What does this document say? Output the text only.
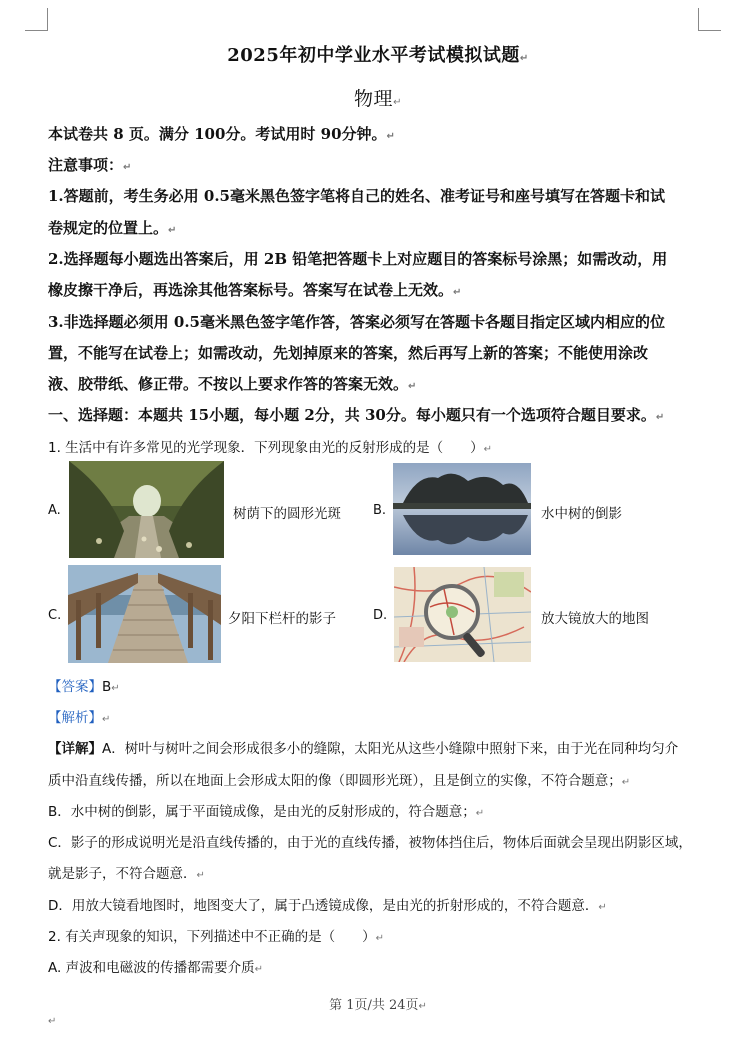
2025年初中学业水平考试模拟试题↵
物理↵
本试卷共 8 页。满分 100分。考试用时 90分钟。↵
注意事项：↵
1.答题前，考生务必用 0.5毫米黑色签字笔将自己的姓名、准考证号和座号填写在答题卡和试
卷规定的位置上。↵
2.选择题每小题选出答案后，用 2B 铅笔把答题卡上对应题目的答案标号涂黑；如需改动，用
橡皮擦干净后，再选涂其他答案标号。答案写在试卷上无效。↵
3.非选择题必须用 0.5毫米黑色签字笔作答，答案必须写在答题卡各题目指定区域内相应的位
置，不能写在试卷上；如需改动，先划掉原来的答案，然后再写上新的答案；不能使用涂改
液、胶带纸、修正带。不按以上要求作答的答案无效。↵
一、选择题：本题共 15小题，每小题 2分，共 30分。每小题只有一个选项符合题目要求。↵
1. 生活中有许多常见的光学现象．下列现象由光的反射形成的是（　　）↵
A.	树荫下的圆形光斑 B.	水中树的倒影
C.	夕阳下栏杆的影子	D.	放大镜放大的地图
【答案】B↵
【解析】↵
【详解】A．树叶与树叶之间会形成很多小的缝隙，太阳光从这些小缝隙中照射下来，由于光在同种均匀介
质中沿直线传播，所以在地面上会形成太阳的像（即圆形光斑），且是倒立的实像，不符合题意；↵
B．水中树的倒影，属于平面镜成像，是由光的反射形成的，符合题意；↵
C．影子的形成说明光是沿直线传播的，由于光的直线传播，被物体挡住后，物体后面就会呈现出阴影区域，
就是影子，不符合题意．↵
D．用放大镜看地图时，地图变大了，属于凸透镜成像，是由光的折射形成的，不符合题意．↵
2. 有关声现象的知识，下列描述中不正确的是（　　）↵
A. 声波和电磁波的传播都需要介质↵
第 1页/共 24页↵
↵
